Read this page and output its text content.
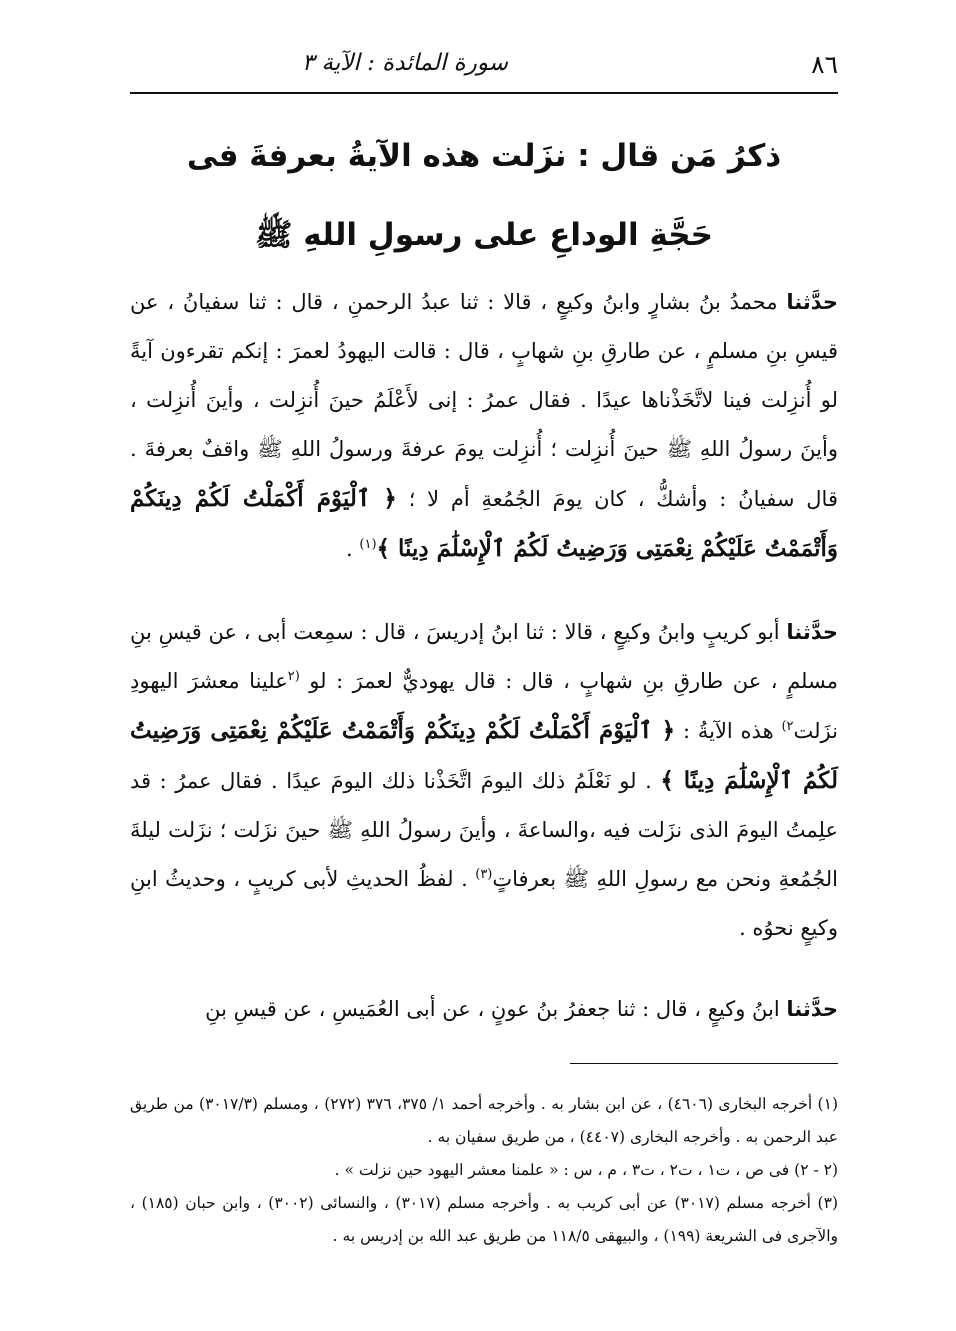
٨٦
سورة المائدة : الآية ٣
ذكرُ مَن قال : نزَلت هذه الآيةُ بعرفةَ فى
حَجَّةِ الوداعِ على رسولِ اللهِ ﷺ
حدَّثنا محمدُ بنُ بشارٍ وابنُ وكيعٍ ، قالا : ثنا عبدُ الرحمنِ ، قال : ثنا سفيانُ ، عن قيسِ بنِ مسلمٍ ، عن طارقِ بنِ شهابٍ ، قال : قالت اليهودُ لعمرَ : إنكم تقرءون آيةً لو أُنزِلت فينا لاتَّخَذْناها عيدًا . فقال عمرُ : إنى لأَعْلَمُ حينَ أُنزِلت ، وأينَ أُنزِلت ، وأينَ رسولُ اللهِ ﷺ حينَ أُنزِلت ؛ أُنزِلت يومَ عرفةَ ورسولُ اللهِ ﷺ واقفٌ بعرفةَ . قال سفيانُ : وأشكُّ ، كان يومَ الجُمُعةِ أم لا ؛ ﴿ ٱلْيَوْمَ أَكْمَلْتُ لَكُمْ دِينَكُمْ وَأَتْمَمْتُ عَلَيْكُمْ نِعْمَتِى وَرَضِيتُ لَكُمُ ٱلْإِسْلَٰمَ دِينًا ﴾$^{(١)}$ .
حدَّثنا أبو كريبٍ وابنُ وكيعٍ ، قالا : ثنا ابنُ إدريسَ ، قال : سمِعت أبى ، عن قيسِ بنِ مسلمٍ ، عن طارقِ بنِ شهابٍ ، قال : قال يهوديٌّ لعمرَ : لو $^{(٢}$علينا معشرَ اليهودِ نزَلت$^{٢)}$ هذه الآيةُ : ﴿ ٱلْيَوْمَ أَكْمَلْتُ لَكُمْ دِينَكُمْ وَأَتْمَمْتُ عَلَيْكُمْ نِعْمَتِى وَرَضِيتُ لَكُمُ ٱلْإِسْلَٰمَ دِينًا ﴾ . لو نَعْلَمُ ذلك اليومَ اتَّخَذْنا ذلك اليومَ عيدًا . فقال عمرُ : قد علِمتُ اليومَ الذى نزَلت فيه ،والساعةَ ، وأينَ رسولُ اللهِ ﷺ حينَ نزَلت ؛ نزَلت ليلةَ الجُمُعةِ ونحن مع رسولِ اللهِ ﷺ بعرفاتٍ$^{(٣)}$ . لفظُ الحديثِ لأبى كريبٍ ، وحديثُ ابنِ وكيعٍ نحوُه .
حدَّثنا ابنُ وكيعٍ ، قال : ثنا جعفرُ بنُ عونٍ ، عن أبى العُمَيسِ ، عن قيسِ بنِ
(١) أخرجه البخارى (٤٦٠٦) ، عن ابن بشار به . وأخرجه أحمد ١/ ٣٧٥، ٣٧٦ (٢٧٢) ، ومسلم (٣٠١٧/٣) من طريق عبد الرحمن به . وأخرجه البخارى (٤٤٠٧) ، من طريق سفيان به .
(٢ - ٢) فى ص ، ت١ ، ت٢ ، ت٣ ، م ، س : « علمنا معشر اليهود حين نزلت » .
(٣) أخرجه مسلم (٣٠١٧) عن أبى كريب به . وأخرجه مسلم (٣٠١٧) ، والنسائى (٣٠٠٢) ، وابن حبان (١٨٥) ، والآجرى فى الشريعة (١٩٩) ، والبيهقى ١١٨/٥ من طريق عبد الله بن إدريس به .
